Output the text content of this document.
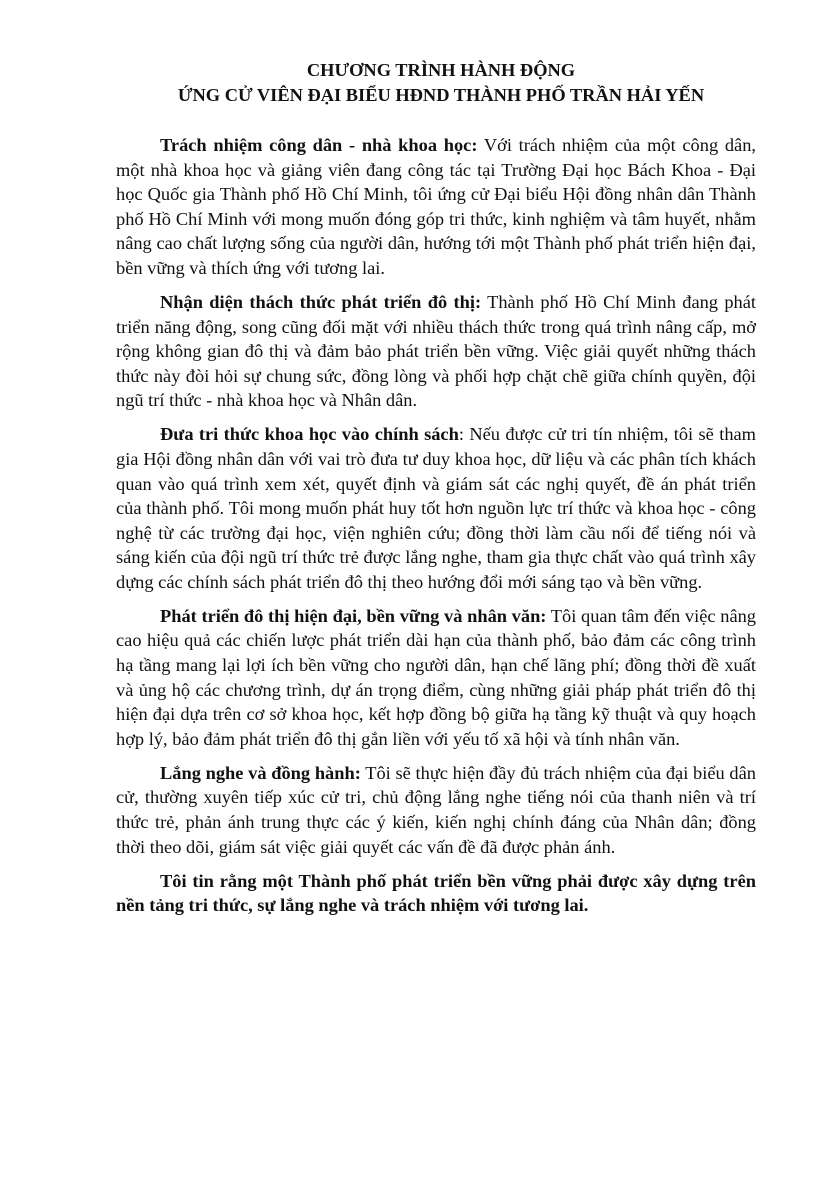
CHƯƠNG TRÌNH HÀNH ĐỘNG
ỨNG CỬ VIÊN ĐẠI BIỂU HĐND THÀNH PHỐ TRẦN HẢI YẾN

Trách nhiệm công dân - nhà khoa học: Với trách nhiệm của một công dân, một nhà khoa học và giảng viên đang công tác tại Trường Đại học Bách Khoa - Đại học Quốc gia Thành phố Hồ Chí Minh, tôi ứng cử Đại biểu Hội đồng nhân dân Thành phố Hồ Chí Minh với mong muốn đóng góp tri thức, kinh nghiệm và tâm huyết, nhằm nâng cao chất lượng sống của người dân, hướng tới một Thành phố phát triển hiện đại, bền vững và thích ứng với tương lai.

Nhận diện thách thức phát triển đô thị: Thành phố Hồ Chí Minh đang phát triển năng động, song cũng đối mặt với nhiều thách thức trong quá trình nâng cấp, mở rộng không gian đô thị và đảm bảo phát triển bền vững. Việc giải quyết những thách thức này đòi hỏi sự chung sức, đồng lòng và phối hợp chặt chẽ giữa chính quyền, đội ngũ trí thức - nhà khoa học và Nhân dân.

Đưa tri thức khoa học vào chính sách: Nếu được cử tri tín nhiệm, tôi sẽ tham gia Hội đồng nhân dân với vai trò đưa tư duy khoa học, dữ liệu và các phân tích khách quan vào quá trình xem xét, quyết định và giám sát các nghị quyết, đề án phát triển của thành phố. Tôi mong muốn phát huy tốt hơn nguồn lực trí thức và khoa học - công nghệ từ các trường đại học, viện nghiên cứu; đồng thời làm cầu nối để tiếng nói và sáng kiến của đội ngũ trí thức trẻ được lắng nghe, tham gia thực chất vào quá trình xây dựng các chính sách phát triển đô thị theo hướng đổi mới sáng tạo và bền vững.

Phát triển đô thị hiện đại, bền vững và nhân văn: Tôi quan tâm đến việc nâng cao hiệu quả các chiến lược phát triển dài hạn của thành phố, bảo đảm các công trình hạ tầng mang lại lợi ích bền vững cho người dân, hạn chế lãng phí; đồng thời đề xuất và ủng hộ các chương trình, dự án trọng điểm, cùng những giải pháp phát triển đô thị hiện đại dựa trên cơ sở khoa học, kết hợp đồng bộ giữa hạ tầng kỹ thuật và quy hoạch hợp lý, bảo đảm phát triển đô thị gắn liền với yếu tố xã hội và tính nhân văn.

Lắng nghe và đồng hành: Tôi sẽ thực hiện đầy đủ trách nhiệm của đại biểu dân cử, thường xuyên tiếp xúc cử tri, chủ động lắng nghe tiếng nói của thanh niên và trí thức trẻ, phản ánh trung thực các ý kiến, kiến nghị chính đáng của Nhân dân; đồng thời theo dõi, giám sát việc giải quyết các vấn đề đã được phản ánh.

Tôi tin rằng một Thành phố phát triển bền vững phải được xây dựng trên nền tảng tri thức, sự lắng nghe và trách nhiệm với tương lai.
